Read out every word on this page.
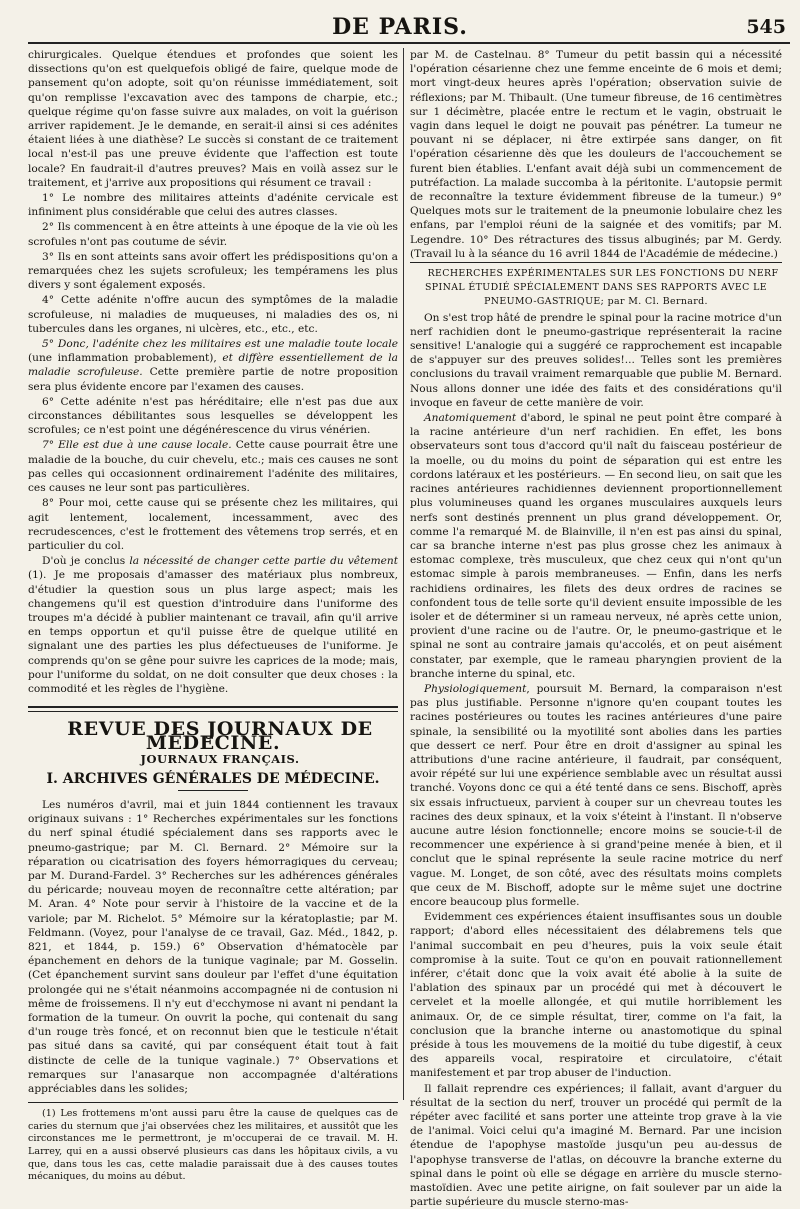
DE PARIS.	545

chirurgicales. Quelque étendues et profondes que soient les dissections qu'on est quelquefois obligé de faire, quelque mode de pansement qu'on adopte, soit qu'on réunisse immédiatement, soit qu'on remplisse l'excavation avec des tampons de charpie, etc.; quelque régime qu'on fasse suivre aux malades, on voit la guérison arriver rapidement. Je le demande, en serait-il ainsi si ces adénites étaient liées à une diathèse? Le succès si constant de ce traitement local n'est-il pas une preuve évidente que l'affection est toute locale? En faudrait-il d'autres preuves? Mais en voilà assez sur le traitement, et j'arrive aux propositions qui résument ce travail :

1° Le nombre des militaires atteints d'adénite cervicale est infiniment plus considérable que celui des autres classes.

2° Ils commencent à en être atteints à une époque de la vie où les scrofules n'ont pas coutume de sévir.

3° Ils en sont atteints sans avoir offert les prédispositions qu'on a remarquées chez les sujets scrofuleux; les tempéramens les plus divers y sont également exposés.

4° Cette adénite n'offre aucun des symptômes de la maladie scrofuleuse, ni maladies de muqueuses, ni maladies des os, ni tubercules dans les organes, ni ulcères, etc., etc., etc.

5° Donc, l'adénite chez les militaires est une maladie toute locale (une inflammation probablement), et diffère essentiellement de la maladie scrofuleuse. Cette première partie de notre proposition sera plus évidente encore par l'examen des causes.

6° Cette adénite n'est pas héréditaire; elle n'est pas due aux circonstances débilitantes sous lesquelles se développent les scrofules; ce n'est point une dégénérescence du virus vénérien.

7° Elle est due à une cause locale. Cette cause pourrait être une maladie de la bouche, du cuir chevelu, etc.; mais ces causes ne sont pas celles qui occasionnent ordinairement l'adénite des militaires, ces causes ne leur sont pas particulières.

8° Pour moi, cette cause qui se présente chez les militaires, qui agit lentement, localement, incessamment, avec des recrudescences, c'est le frottement des vêtemens trop serrés, et en particulier du col.

D'où je conclus la nécessité de changer cette partie du vêtement (1). Je me proposais d'amasser des matériaux plus nombreux, d'étudier la question sous un plus large aspect; mais les changemens qu'il est question d'introduire dans l'uniforme des troupes m'a décidé à publier maintenant ce travail, afin qu'il arrive en temps opportun et qu'il puisse être de quelque utilité en signalant une des parties les plus défectueuses de l'uniforme. Je comprends qu'on se gêne pour suivre les caprices de la mode; mais, pour l'uniforme du soldat, on ne doit consulter que deux choses : la commodité et les règles de l'hygiène.

REVUE DES JOURNAUX DE MÉDECINE.

JOURNAUX FRANÇAIS.

I. ARCHIVES GÉNÉRALES DE MÉDECINE.

Les numéros d'avril, mai et juin 1844 contiennent les travaux originaux suivans : 1° Recherches expérimentales sur les fonctions du nerf spinal étudié spécialement dans ses rapports avec le pneumo-gastrique; par M. Cl. Bernard. 2° Mémoire sur la réparation ou cicatrisation des foyers hémorragiques du cerveau; par M. Durand-Fardel. 3° Recherches sur les adhérences générales du péricarde; nouveau moyen de reconnaître cette altération; par M. Aran. 4° Note pour servir à l'histoire de la vaccine et de la variole; par M. Richelot. 5° Mémoire sur la kératoplastie; par M. Feldmann. (Voyez, pour l'analyse de ce travail, Gaz. Méd., 1842, p. 821, et 1844, p. 159.) 6° Observation d'hématocèle par épanchement en dehors de la tunique vaginale; par M. Gosselin. (Cet épanchement survint sans douleur par l'effet d'une équitation prolongée qui ne s'était néanmoins accompagnée ni de contusion ni même de froissemens. Il n'y eut d'ecchymose ni avant ni pendant la formation de la tumeur. On ouvrit la poche, qui contenait du sang d'un rouge très foncé, et on reconnut bien que le testicule n'était pas situé dans sa cavité, qui par conséquent était tout à fait distincte de celle de la tunique vaginale.) 7° Observations et remarques sur l'anasarque non accompagnée d'altérations appréciables dans les solides;

(1) Les frottemens m'ont aussi paru être la cause de quelques cas de caries du sternum que j'ai observées chez les militaires, et aussitôt que les circonstances me le permettront, je m'occuperai de ce travail. M. H. Larrey, qui en a aussi observé plusieurs cas dans les hôpitaux civils, a vu que, dans tous les cas, cette maladie paraissait due à des causes toutes mécaniques, du moins au début.

par M. de Castelnau. 8° Tumeur du petit bassin qui a nécessité l'opération césarienne chez une femme enceinte de 6 mois et demi; mort vingt-deux heures après l'opération; observation suivie de réflexions; par M. Thibault. (Une tumeur fibreuse, de 16 centimètres sur 1 décimètre, placée entre le rectum et le vagin, obstruait le vagin dans lequel le doigt ne pouvait pas pénétrer. La tumeur ne pouvant ni se déplacer, ni être extirpée sans danger, on fit l'opération césarienne dès que les douleurs de l'accouchement se furent bien établies. L'enfant avait déjà subi un commencement de putréfaction. La malade succomba à la péritonite. L'autopsie permit de reconnaître la texture évidemment fibreuse de la tumeur.) 9° Quelques mots sur le traitement de la pneumonie lobulaire chez les enfans, par l'emploi réuni de la saignée et des vomitifs; par M. Legendre. 10° Des rétractures des tissus albuginés; par M. Gerdy. (Travail lu à la séance du 16 avril 1844 de l'Académie de médecine.)

RECHERCHES EXPÉRIMENTALES SUR LES FONCTIONS DU NERF SPINAL ÉTUDIÉ SPÉCIALEMENT DANS SES RAPPORTS AVEC LE PNEUMO-GASTRIQUE; par M. Cl. Bernard.

On s'est trop hâté de prendre le spinal pour la racine motrice d'un nerf rachidien dont le pneumo-gastrique représenterait la racine sensitive! L'analogie qui a suggéré ce rapprochement est incapable de s'appuyer sur des preuves solides!... Telles sont les premières conclusions du travail vraiment remarquable que publie M. Bernard. Nous allons donner une idée des faits et des considérations qu'il invoque en faveur de cette manière de voir.

Anatomiquement d'abord, le spinal ne peut point être comparé à la racine antérieure d'un nerf rachidien. En effet, les bons observateurs sont tous d'accord qu'il naît du faisceau postérieur de la moelle, ou du moins du point de séparation qui est entre les cordons latéraux et les postérieurs. — En second lieu, on sait que les racines antérieures rachidiennes deviennent proportionnellement plus volumineuses quand les organes musculaires auxquels leurs nerfs sont destinés prennent un plus grand développement. Or, comme l'a remarqué M. de Blainville, il n'en est pas ainsi du spinal, car sa branche interne n'est pas plus grosse chez les animaux à estomac complexe, très musculeux, que chez ceux qui n'ont qu'un estomac simple à parois membraneuses. — Enfin, dans les nerfs rachidiens ordinaires, les filets des deux ordres de racines se confondent tous de telle sorte qu'il devient ensuite impossible de les isoler et de déterminer si un rameau nerveux, né après cette union, provient d'une racine ou de l'autre. Or, le pneumo-gastrique et le spinal ne sont au contraire jamais qu'accolés, et on peut aisément constater, par exemple, que le rameau pharyngien provient de la branche interne du spinal, etc.

Physiologiquement, poursuit M. Bernard, la comparaison n'est pas plus justifiable. Personne n'ignore qu'en coupant toutes les racines postérieures ou toutes les racines antérieures d'une paire spinale, la sensibilité ou la myotilité sont abolies dans les parties que dessert ce nerf. Pour être en droit d'assigner au spinal les attributions d'une racine antérieure, il faudrait, par conséquent, avoir répété sur lui une expérience semblable avec un résultat aussi tranché. Voyons donc ce qui a été tenté dans ce sens. Bischoff, après six essais infructueux, parvient à couper sur un chevreau toutes les racines des deux spinaux, et la voix s'éteint à l'instant. Il n'observe aucune autre lésion fonctionnelle; encore moins se soucie-t-il de recommencer une expérience à si grand'peine menée à bien, et il conclut que le spinal représente la seule racine motrice du nerf vague. M. Longet, de son côté, avec des résultats moins complets que ceux de M. Bischoff, adopte sur le même sujet une doctrine encore beaucoup plus formelle.

Evidemment ces expériences étaient insuffisantes sous un double rapport; d'abord elles nécessitaient des délabremens tels que l'animal succombait en peu d'heures, puis la voix seule était compromise à la suite. Tout ce qu'on en pouvait rationnellement inférer, c'était donc que la voix avait été abolie à la suite de l'ablation des spinaux par un procédé qui met à découvert le cervelet et la moelle allongée, et qui mutile horriblement les animaux. Or, de ce simple résultat, tirer, comme on l'a fait, la conclusion que la branche interne ou anastomotique du spinal préside à tous les mouvemens de la moitié du tube digestif, à ceux des appareils vocal, respiratoire et circulatoire, c'était manifestement et par trop abuser de l'induction.

Il fallait reprendre ces expériences; il fallait, avant d'arguer du résultat de la section du nerf, trouver un procédé qui permît de la répéter avec facilité et sans porter une atteinte trop grave à la vie de l'animal. Voici celui qu'a imaginé M. Bernard. Par une incision étendue de l'apophyse mastoïde jusqu'un peu au-dessus de l'apophyse transverse de l'atlas, on découvre la branche externe du spinal dans le point où elle se dégage en arrière du muscle sterno-mastoïdien. Avec une petite airigne, on fait soulever par un aide la partie supérieure du muscle sterno-mas-
